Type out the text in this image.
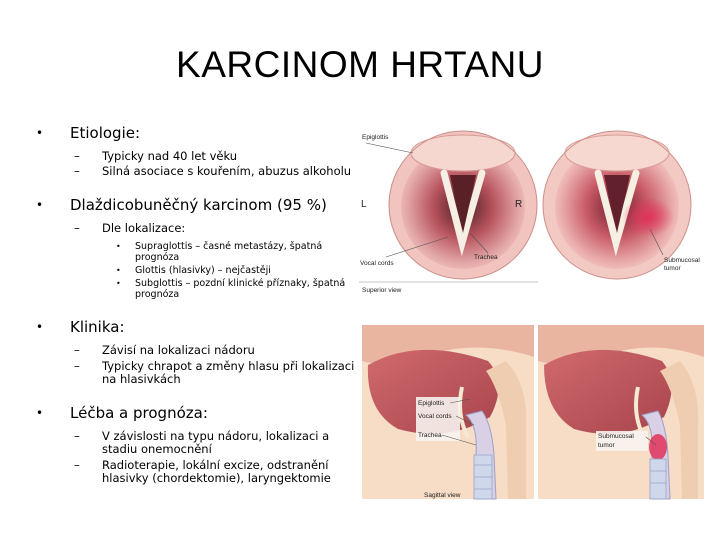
KARCINOM HRTANU
• Etiologie:
– Typicky nad 40 let věku
– Silná asociace s kouřením, abuzus alkoholu
• Dlaždicobuněčný karcinom (95 %)
– Dle lokalizace:
• Supraglottis – časné metastázy, špatná prognóza
• Glottis (hlasivky) – nejčastěji
• Subglottis – pozdní klinické příznaky, špatná prognóza
• Klinika:
– Závisí na lokalizaci nádoru
– Typicky chrapot a změny hlasu při lokalizaci na hlasivkách
• Léčba a prognóza:
– V závislosti na typu nádoru, lokalizaci a stadiu onemocnění
– Radioterapie, lokální excize, odstranění hlasivky (chordektomie), laryngektomie
Epiglottis
L	R
Vocal cords
Trachea
Superior view
Submucosal
tumor
Epiglottis
Vocal cords
Trachea
Sagittal view
Submucosal
tumor
